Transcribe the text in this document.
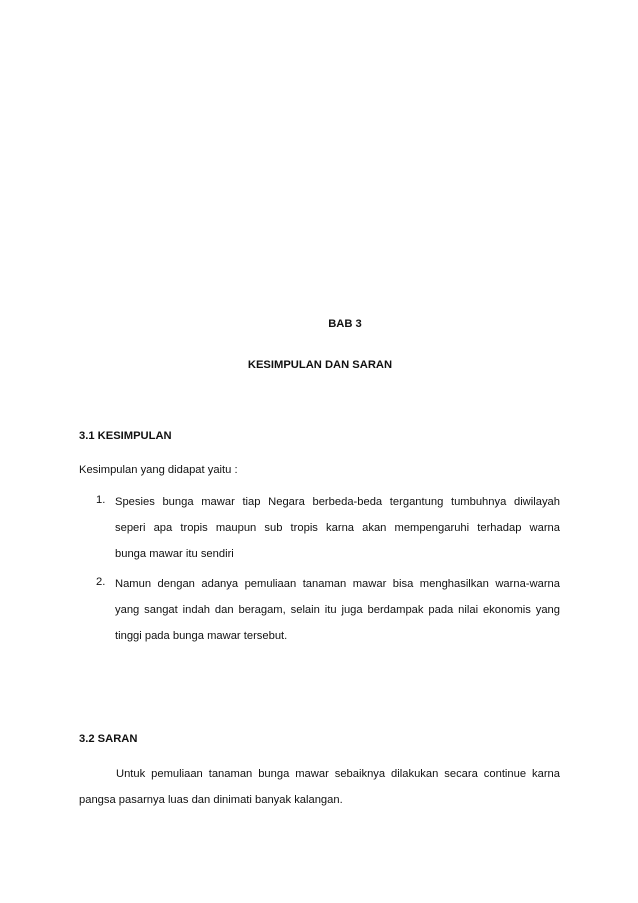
BAB 3
KESIMPULAN DAN SARAN
3.1 KESIMPULAN
Kesimpulan yang didapat yaitu :
1. Spesies bunga mawar tiap Negara berbeda-beda tergantung tumbuhnya diwilayah
seperi apa tropis maupun sub tropis karna akan mempengaruhi terhadap warna
bunga mawar itu sendiri
2. Namun dengan adanya pemuliaan tanaman mawar bisa menghasilkan warna-warna
yang sangat indah dan beragam, selain itu juga berdampak pada nilai ekonomis yang
tinggi pada bunga mawar tersebut.
3.2 SARAN
Untuk pemuliaan tanaman bunga mawar sebaiknya dilakukan secara continue karna
pangsa pasarnya luas dan dinimati banyak kalangan.
